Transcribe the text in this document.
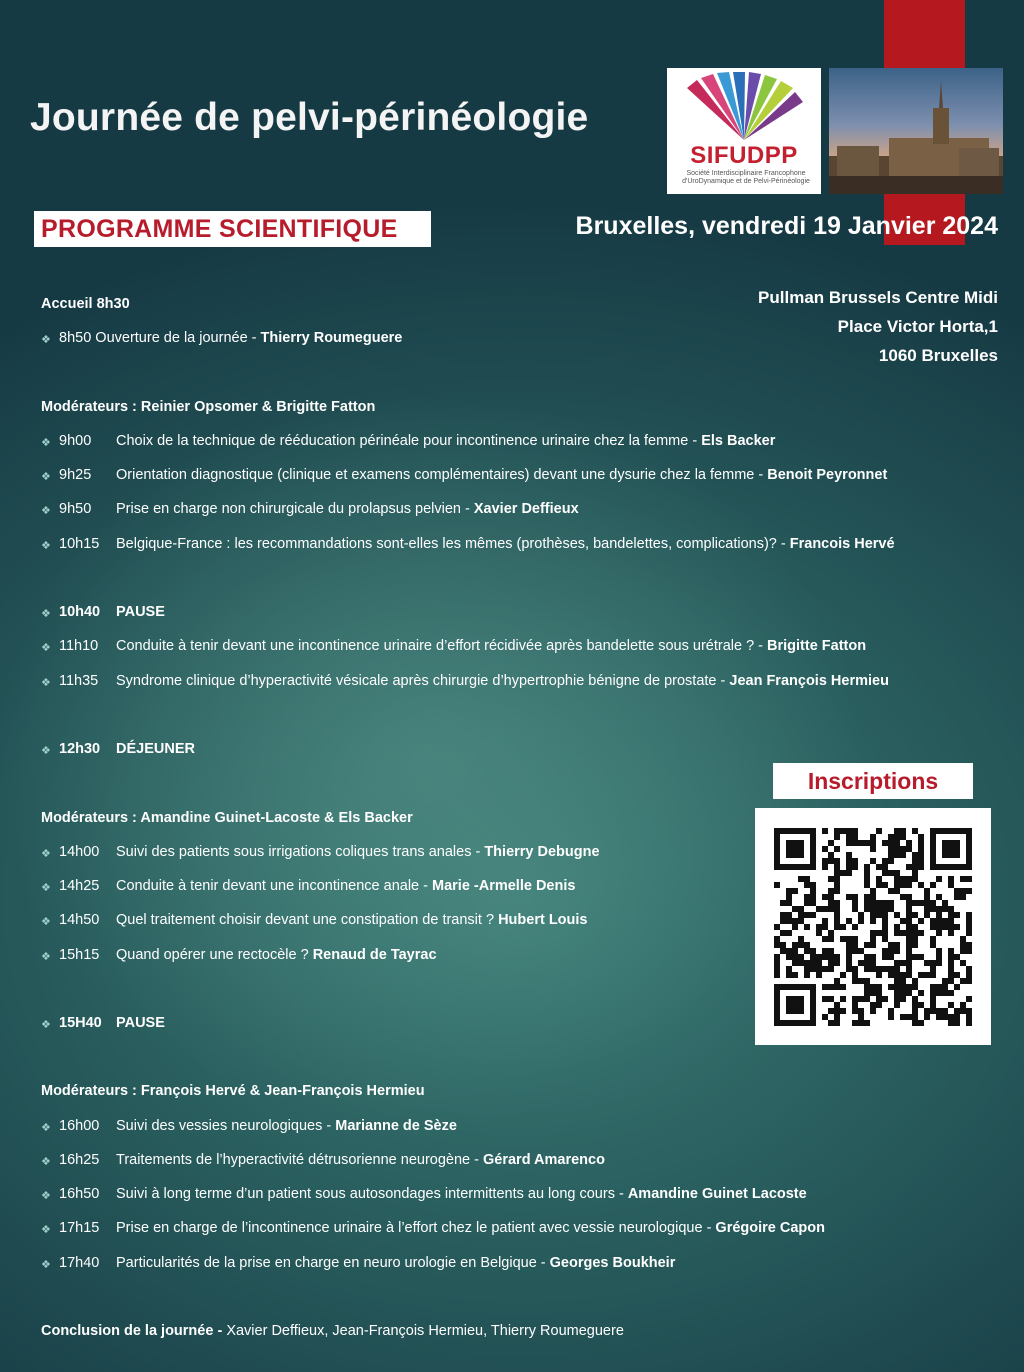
Journée de pelvi-périnéologie
SIFUDPP
Société Interdisciplinaire Francophone d'UroDynamique et de Pelvi-Périnéologie
PROGRAMME SCIENTIFIQUE	Bruxelles, vendredi 19 Janvier 2024
Pullman Brussels Centre Midi
Place Victor Horta,1
1060 Bruxelles
Accueil 8h30
❖ 8h50 Ouverture de la journée - Thierry Roumeguere
Modérateurs : Reinier Opsomer & Brigitte Fatton
❖ 9h00 Choix de la technique de rééducation périnéale pour incontinence urinaire chez la femme - Els Backer
❖ 9h25 Orientation diagnostique (clinique et examens complémentaires) devant une dysurie chez la femme - Benoit Peyronnet
❖ 9h50 Prise en charge non chirurgicale du prolapsus pelvien - Xavier Deffieux
❖ 10h15 Belgique-France : les recommandations sont-elles les mêmes (prothèses, bandelettes, complications)? - Francois Hervé
❖ 10h40 PAUSE
❖ 11h10 Conduite à tenir devant une incontinence urinaire d’effort récidivée après bandelette sous urétrale ? - Brigitte Fatton
❖ 11h35 Syndrome clinique d’hyperactivité vésicale après chirurgie d’hypertrophie bénigne de prostate - Jean François Hermieu
❖ 12h30 DÉJEUNER
Modérateurs : Amandine Guinet-Lacoste & Els Backer
❖ 14h00 Suivi des patients sous irrigations coliques trans anales - Thierry Debugne
❖ 14h25 Conduite à tenir devant une incontinence anale - Marie -Armelle Denis
❖ 14h50 Quel traitement choisir devant une constipation de transit ? Hubert Louis
❖ 15h15 Quand opérer une rectocèle ? Renaud de Tayrac
❖ 15H40 PAUSE
Modérateurs : François Hervé & Jean-François Hermieu
❖ 16h00 Suivi des vessies neurologiques - Marianne de Sèze
❖ 16h25 Traitements de l’hyperactivité détrusorienne neurogène - Gérard Amarenco
❖ 16h50 Suivi à long terme d’un patient sous autosondages intermittents au long cours - Amandine Guinet Lacoste
❖ 17h15 Prise en charge de l’incontinence urinaire à l’effort chez le patient avec vessie neurologique - Grégoire Capon
❖ 17h40 Particularités de la prise en charge en neuro urologie en Belgique - Georges Boukheir
Conclusion de la journée - Xavier Deffieux, Jean-François Hermieu, Thierry Roumeguere
Inscriptions
